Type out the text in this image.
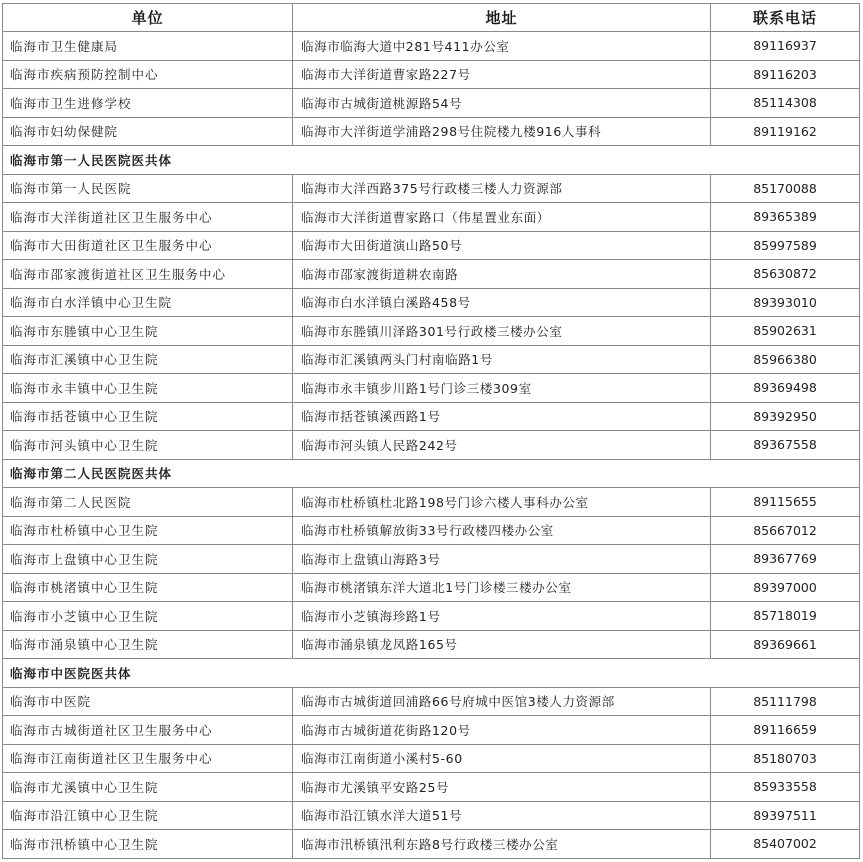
单位	地址	联系电话
临海市卫生健康局	临海市临海大道中281号411办公室	89116937
临海市疾病预防控制中心	临海市大洋街道曹家路227号	89116203
临海市卫生进修学校	临海市古城街道桃源路54号	85114308
临海市妇幼保健院	临海市大洋街道学浦路298号住院楼九楼916人事科	89119162
临海市第一人民医院医共体		
临海市第一人民医院	临海市大洋西路375号行政楼三楼人力资源部	85170088
临海市大洋街道社区卫生服务中心	临海市大洋街道曹家路口（伟星置业东面）	89365389
临海市大田街道社区卫生服务中心	临海市大田街道演山路50号	85997589
临海市邵家渡街道社区卫生服务中心	临海市邵家渡街道耕农南路	85630872
临海市白水洋镇中心卫生院	临海市白水洋镇白溪路458号	89393010
临海市东塍镇中心卫生院	临海市东塍镇川泽路301号行政楼三楼办公室	85902631
临海市汇溪镇中心卫生院	临海市汇溪镇两头门村南临路1号	85966380
临海市永丰镇中心卫生院	临海市永丰镇步川路1号门诊三楼309室	89369498
临海市括苍镇中心卫生院	临海市括苍镇溪西路1号	89392950
临海市河头镇中心卫生院	临海市河头镇人民路242号	89367558
临海市第二人民医院医共体		
临海市第二人民医院	临海市杜桥镇杜北路198号门诊六楼人事科办公室	89115655
临海市杜桥镇中心卫生院	临海市杜桥镇解放街33号行政楼四楼办公室	85667012
临海市上盘镇中心卫生院	临海市上盘镇山海路3号	89367769
临海市桃渚镇中心卫生院	临海市桃渚镇东洋大道北1号门诊楼三楼办公室	89397000
临海市小芝镇中心卫生院	临海市小芝镇海珍路1号	85718019
临海市涌泉镇中心卫生院	临海市涌泉镇龙凤路165号	89369661
临海市中医院医共体		
临海市中医院	临海市古城街道回浦路66号府城中医馆3楼人力资源部	85111798
临海市古城街道社区卫生服务中心	临海市古城街道花街路120号	89116659
临海市江南街道社区卫生服务中心	临海市江南街道小溪村5-60	85180703
临海市尤溪镇中心卫生院	临海市尤溪镇平安路25号	85933558
临海市沿江镇中心卫生院	临海市沿江镇水洋大道51号	89397511
临海市汛桥镇中心卫生院	临海市汛桥镇汛利东路8号行政楼三楼办公室	85407002
